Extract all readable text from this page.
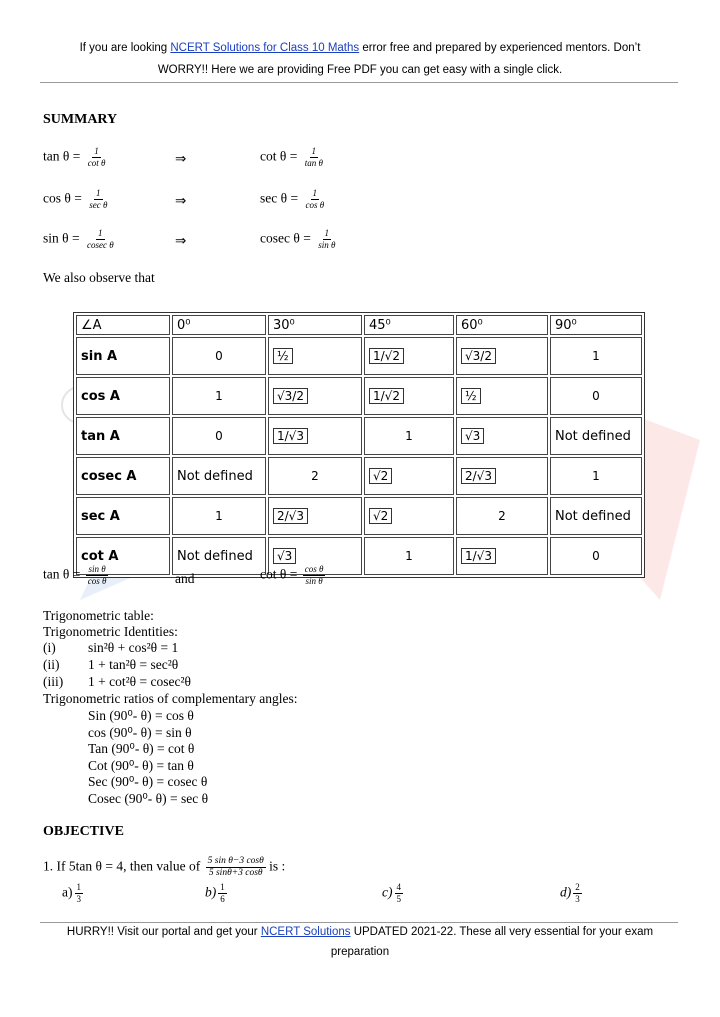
If you are looking NCERT Solutions for Class 10 Maths error free and prepared by experienced mentors. Don’t
WORRY!! Here we are providing Free PDF you can get easy with a single click.
SUMMARY
$\tan \theta = \frac{1}{\text{cot θ}}$	⇒	$\cot \theta = \frac{1}{\text{tan θ}}$
$\cos \theta = \frac{1}{\text{sec θ}}$	⇒	$\sec \theta = \frac{1}{\text{cos θ}}$
$\sin \theta = \frac{1}{\text{cosec θ}}$	⇒	cosec $\theta = \frac{1}{\text{sin θ}}$
We also observe that
∠A	0⁰	30⁰	45⁰	60⁰	90⁰
sin A	0	½	1/√2	√3/2	1
cos A	1	√3/2	1/√2	½	0
tan A	0	1/√3	1	√3	Not defined
cosec A	Not defined	2	√2	2/√3	1
sec A	1	2/√3	√2	2	Not defined
cot A	Not defined	√3	1	1/√3	0
$\tan \theta = \frac{\text{sin θ}}{\text{cos θ}}$	and	$\cot \theta = \frac{\text{cos θ}}{\text{sin θ}}$
Trigonometric table:
Trigonometric Identities:
(i) sin²θ + cos²θ = 1
(ii) 1 + tan²θ = sec²θ
(iii) 1 + cot²θ = cosec²θ
Trigonometric ratios of complementary angles:
Sin (90⁰- θ) = cos θ
cos (90⁰- θ) = sin θ
Tan (90⁰- θ) = cot θ
Cot (90⁰- θ) = tan θ
Sec (90⁰- θ) = cosec θ
Cosec (90⁰- θ) = sec θ
OBJECTIVE
1. If 5tan θ = 4, then value of $\frac{\text{5 sin θ−3 cosθ}}{5 \sin\theta+3 \cos\theta}$ is :
$a) \frac{1}{3}$	$b) \frac{1}{6}$	$c) \frac{4}{5}$	$d) \frac{2}{3}$
HURRY!! Visit our portal and get your NCERT Solutions UPDATED 2021-22. These all very essential for your exam
preparation
